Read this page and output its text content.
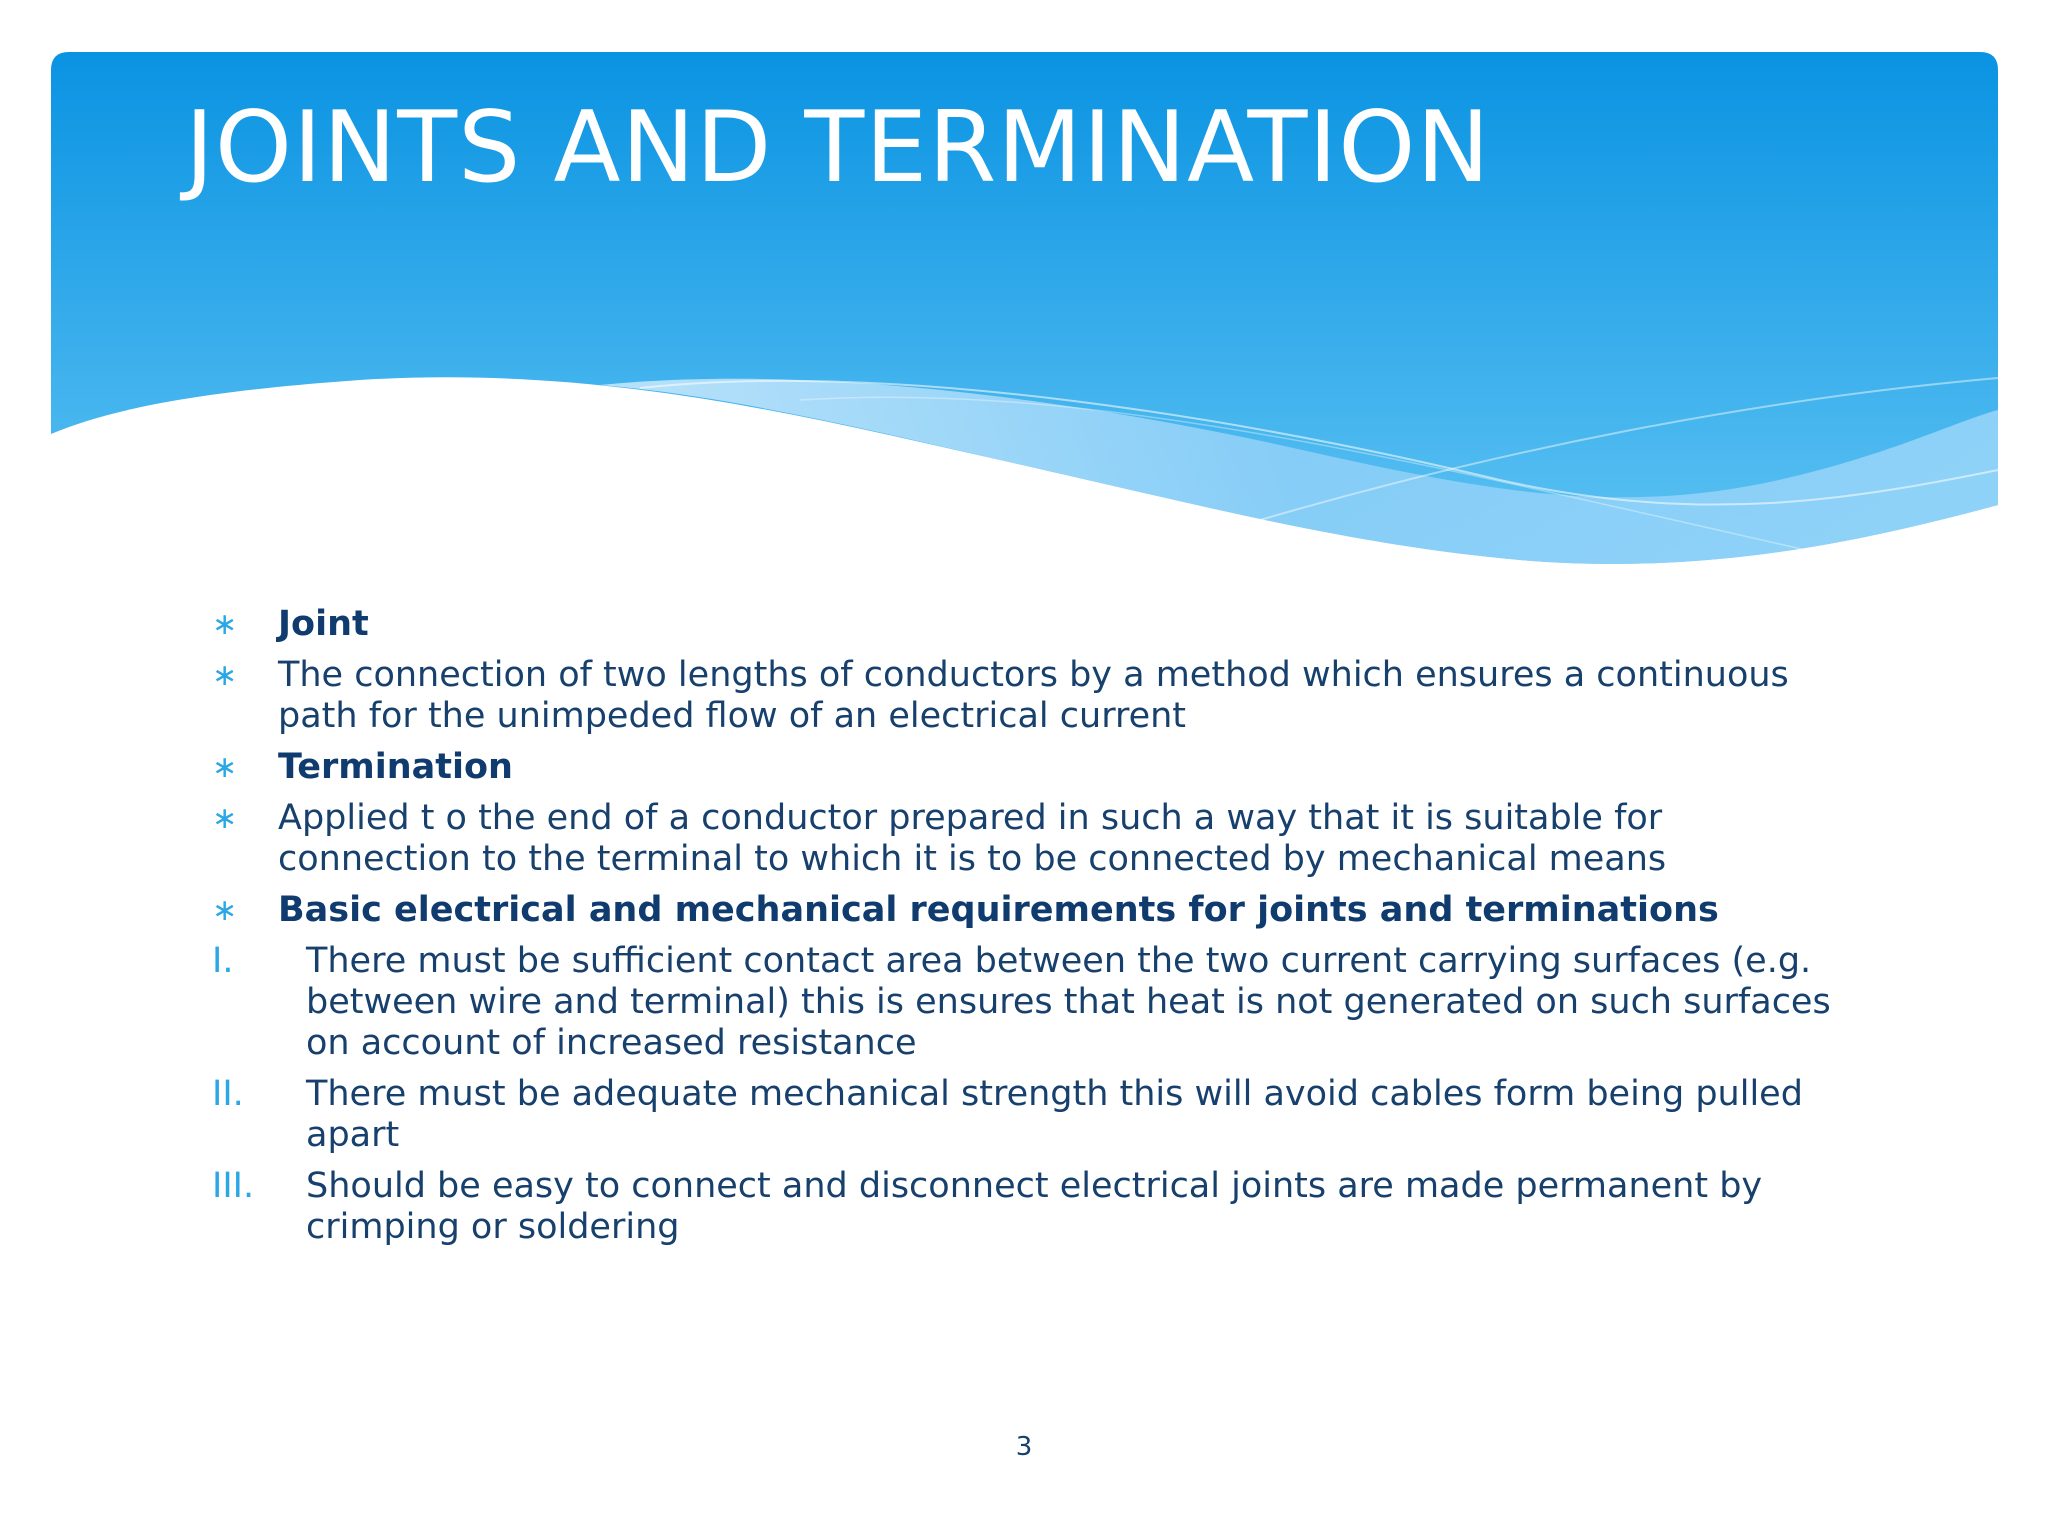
JOINTS AND TERMINATION
∗	Joint
∗	The connection of two lengths of conductors by a method which ensures a continuous path for the unimpeded flow of an electrical current
∗	Termination
∗	Applied t o the end of a conductor prepared in such a way that it is suitable for connection to the terminal to which it is to be connected by mechanical means
∗	Basic electrical and mechanical requirements for joints and terminations
I.	There must be sufficient contact area between the two current carrying surfaces (e.g. between wire and terminal) this is ensures that heat is not generated on such surfaces on account of increased resistance
II.	There must be adequate mechanical strength this will avoid cables form being pulled apart
III.	Should be easy to connect and disconnect electrical joints are made permanent by crimping or soldering
3
